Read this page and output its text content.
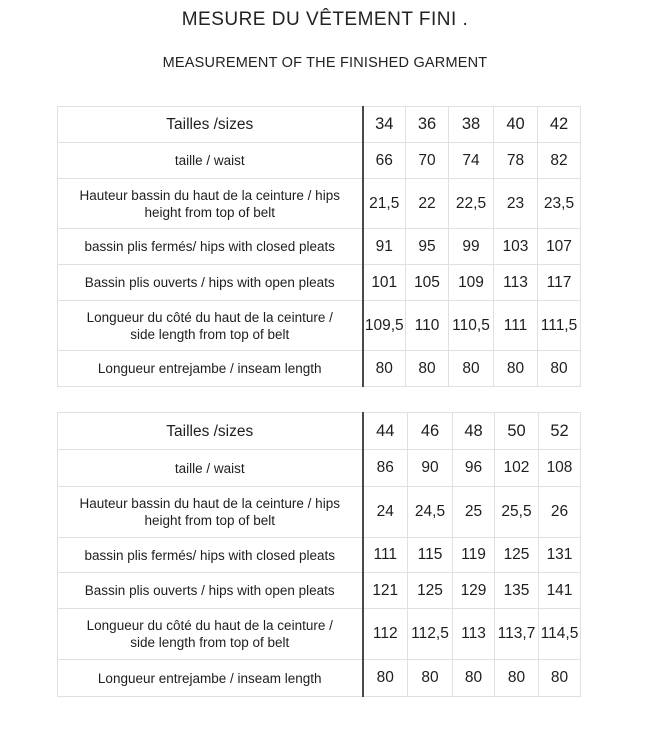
MESURE DU VÊTEMENT FINI .
MEASUREMENT OF THE FINISHED GARMENT
Tailles /sizes	34	36	38	40	42
taille / waist	66	70	74	78	82
Hauteur bassin du haut de la ceinture / hips
height from top of belt	21,5	22	22,5	23	23,5
bassin plis fermés/ hips with closed pleats	91	95	99	103	107
Bassin plis ouverts / hips with open pleats	101	105	109	113	117
Longueur du côté du haut de la ceinture /
side length from top of belt	109,5	110	110,5	111	111,5
Longueur entrejambe / inseam length	80	80	80	80	80
Tailles /sizes	44	46	48	50	52
taille / waist	86	90	96	102	108
Hauteur bassin du haut de la ceinture / hips
height from top of belt	24	24,5	25	25,5	26
bassin plis fermés/ hips with closed pleats	111	115	119	125	131
Bassin plis ouverts / hips with open pleats	121	125	129	135	141
Longueur du côté du haut de la ceinture /
side length from top of belt	112	112,5	113	113,7	114,5
Longueur entrejambe / inseam length	80	80	80	80	80
